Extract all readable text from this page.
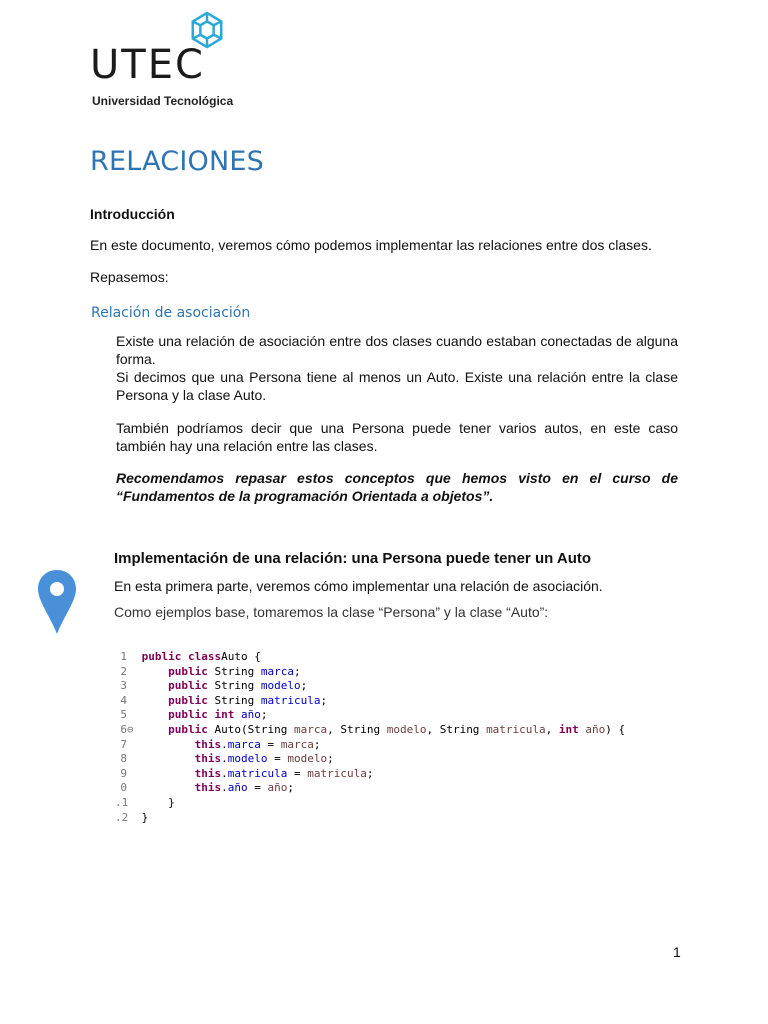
UTEC
Universidad Tecnológica
RELACIONES
Introducción
En este documento, veremos cómo podemos implementar las relaciones entre dos clases.
Repasemos:
Relación de asociación
Existe una relación de asociación entre dos clases cuando estaban conectadas de alguna forma.
Si decimos que una Persona tiene al menos un Auto. Existe una relación entre la clase Persona y la clase Auto.
También podríamos decir que una Persona puede tener varios autos, en este caso también hay una relación entre las clases.
Recomendamos repasar estos conceptos que hemos visto en el curso de “Fundamentos de la programación Orientada a objetos”.
Implementación de una relación: una Persona puede tener un Auto
En esta primera parte, veremos cómo implementar una relación de asociación.
Como ejemplos base, tomaremos la clase “Persona” y la clase “Auto”:
1 public classAuto {
2	public String marca;
3	public String modelo;
4	public String matricula;
5	public int año;
6⊖	public Auto(String marca, String modelo, String matricula, int año) {
7	this.marca = marca;
8	this.modelo = modelo;
9	this.matricula = matricula;
0	this.año = año;
.1     }
.2 }
1
